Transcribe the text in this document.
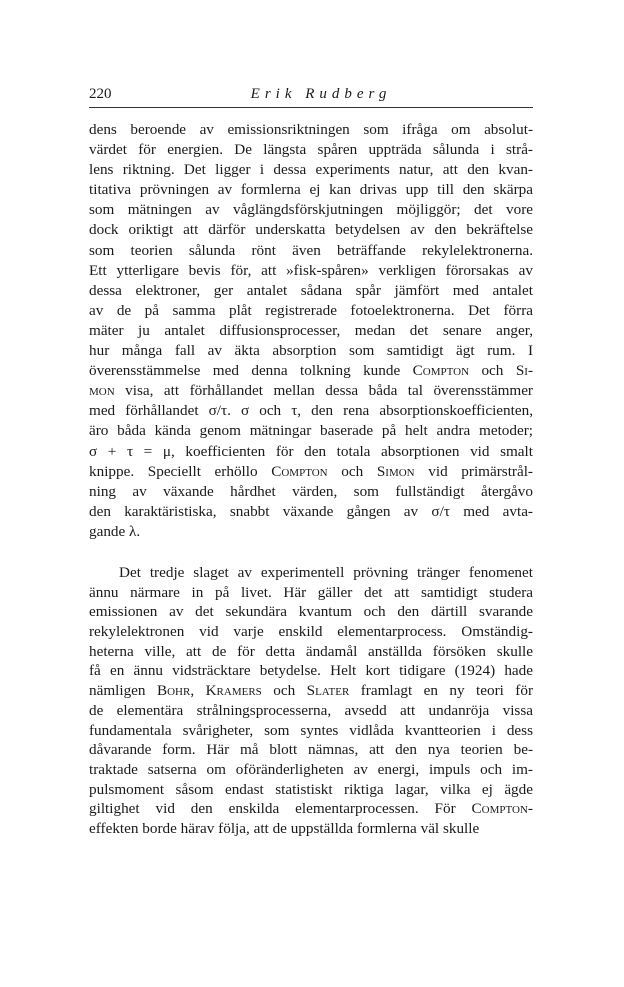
220	Erik Rudberg
dens beroende av emissionsriktningen som ifråga om absolut-
värdet för energien. De längsta spåren uppträda sålunda i strå-
lens riktning. Det ligger i dessa experiments natur, att den kvan-
titativa prövningen av formlerna ej kan drivas upp till den skärpa
som mätningen av våglängdsförskjutningen möjliggör; det vore
dock oriktigt att därför underskatta betydelsen av den bekräftelse
som teorien sålunda rönt även beträffande rekylelektronerna.
Ett ytterligare bevis för, att »fisk-spåren» verkligen förorsakas av
dessa elektroner, ger antalet sådana spår jämfört med antalet
av de på samma plåt registrerade fotoelektronerna. Det förra
mäter ju antalet diffusionsprocesser, medan det senare anger,
hur många fall av äkta absorption som samtidigt ägt rum. I
överensstämmelse med denna tolkning kunde Compton och Si-
mon visa, att förhållandet mellan dessa båda tal överensstämmer
med förhållandet σ/τ. σ och τ, den rena absorptionskoefficienten,
äro båda kända genom mätningar baserade på helt andra metoder;
σ + τ = μ, koefficienten för den totala absorptionen vid smalt
knippe. Speciellt erhöllo Compton och Simon vid primärstrål-
ning av växande hårdhet värden, som fullständigt återgåvo
den karaktäristiska, snabbt växande gången av σ/τ med avta-
gande λ.
Det tredje slaget av experimentell prövning tränger fenomenet
ännu närmare in på livet. Här gäller det att samtidigt studera
emissionen av det sekundära kvantum och den därtill svarande
rekylelektronen vid varje enskild elementarprocess. Omständig-
heterna ville, att de för detta ändamål anställda försöken skulle
få en ännu vidsträcktare betydelse. Helt kort tidigare (1924) hade
nämligen Bohr, Kramers och Slater framlagt en ny teori för
de elementära strålningsprocesserna, avsedd att undanröja vissa
fundamentala svårigheter, som syntes vidlåda kvantteorien i dess
dåvarande form. Här må blott nämnas, att den nya teorien be-
traktade satserna om oföränderligheten av energi, impuls och im-
pulsmoment såsom endast statistiskt riktiga lagar, vilka ej ägde
giltighet vid den enskilda elementarprocessen. För Compton-
effekten borde härav följa, att de uppställda formlerna väl skulle
